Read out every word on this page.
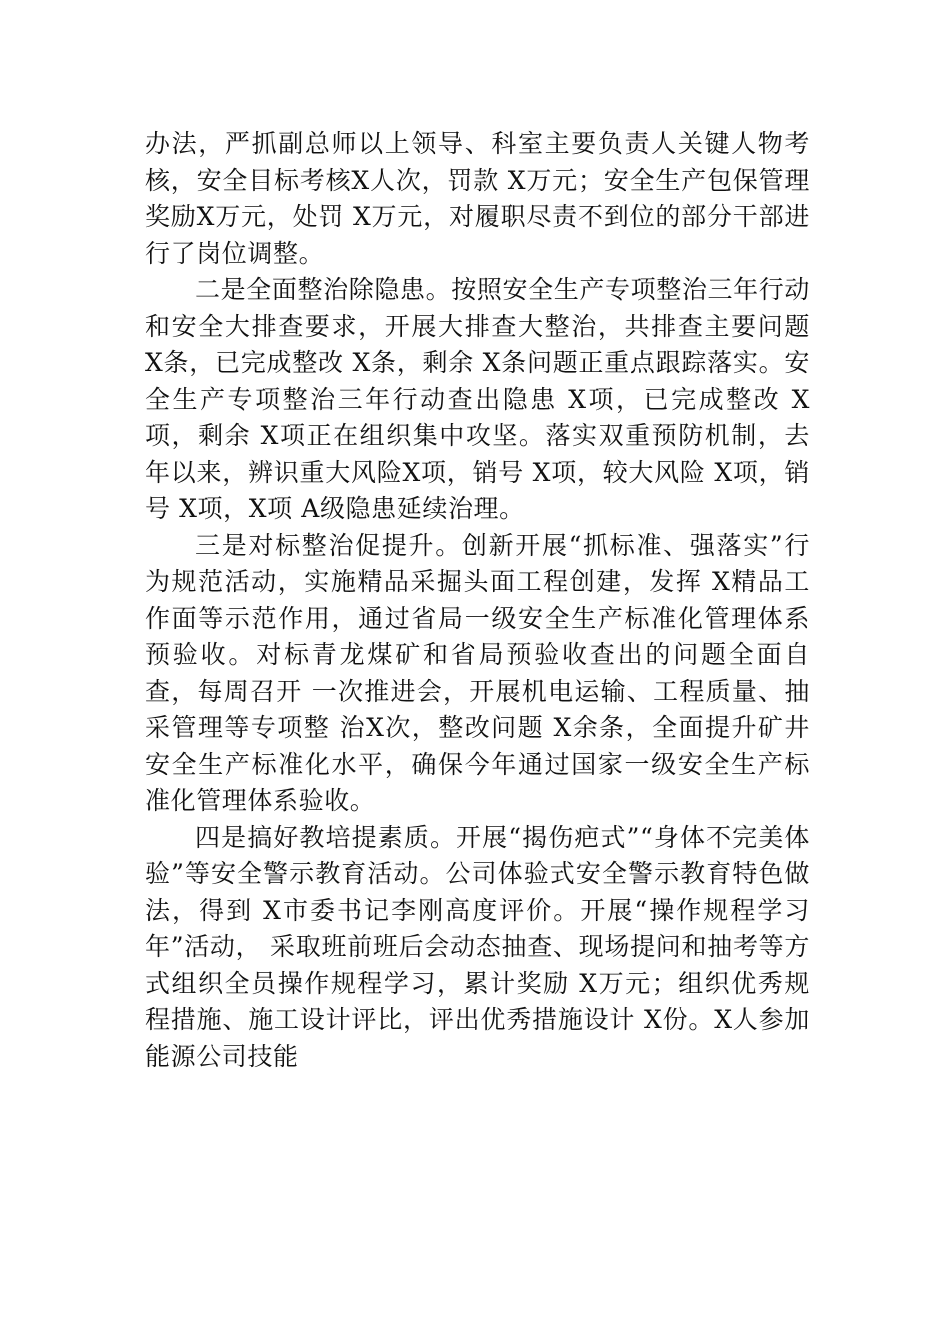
办法，严抓副总师以上领导、科室主要负责人关键人物考核，安全目标考核X人次，罚款 X万元；安全生产包保管理奖励X万元，处罚 X万元，对履职尽责不到位的部分干部进行了岗位调整。

二是全面整治除隐患。按照安全生产专项整治三年行动和安全大排查要求，开展大排查大整治，共排查主要问题 X条，已完成整改 X条，剩余 X条问题正重点跟踪落实。安全生产专项整治三年行动查出隐患 X项，已完成整改 X项，剩余 X项正在组织集中攻坚。落实双重预防机制，去年以来，辨识重大风险X项，销号 X项，较大风险 X项，销号 X项，X项 A级隐患延续治理。

三是对标整治促提升。创新开展“抓标准、强落实”行为规范活动，实施精品采掘头面工程创建，发挥 X精品工作面等示范作用，通过省局一级安全生产标准化管理体系预验收。对标青龙煤矿和省局预验收查出的问题全面自查，每周召开 一次推进会，开展机电运输、工程质量、抽采管理等专项整 治X次，整改问题 X余条，全面提升矿井安全生产标准化水平，确保今年通过国家一级安全生产标准化管理体系验收。

四是搞好教培提素质。开展“揭伤疤式”“身体不完美体验”等安全警示教育活动。公司体验式安全警示教育特色做法，得到 X市委书记李刚高度评价。开展“操作规程学习年”活动， 采取班前班后会动态抽查、现场提问和抽考等方式组织全员操作规程学习，累计奖励 X万元；组织优秀规程措施、施工设计评比，评出优秀措施设计 X份。X人参加能源公司技能
